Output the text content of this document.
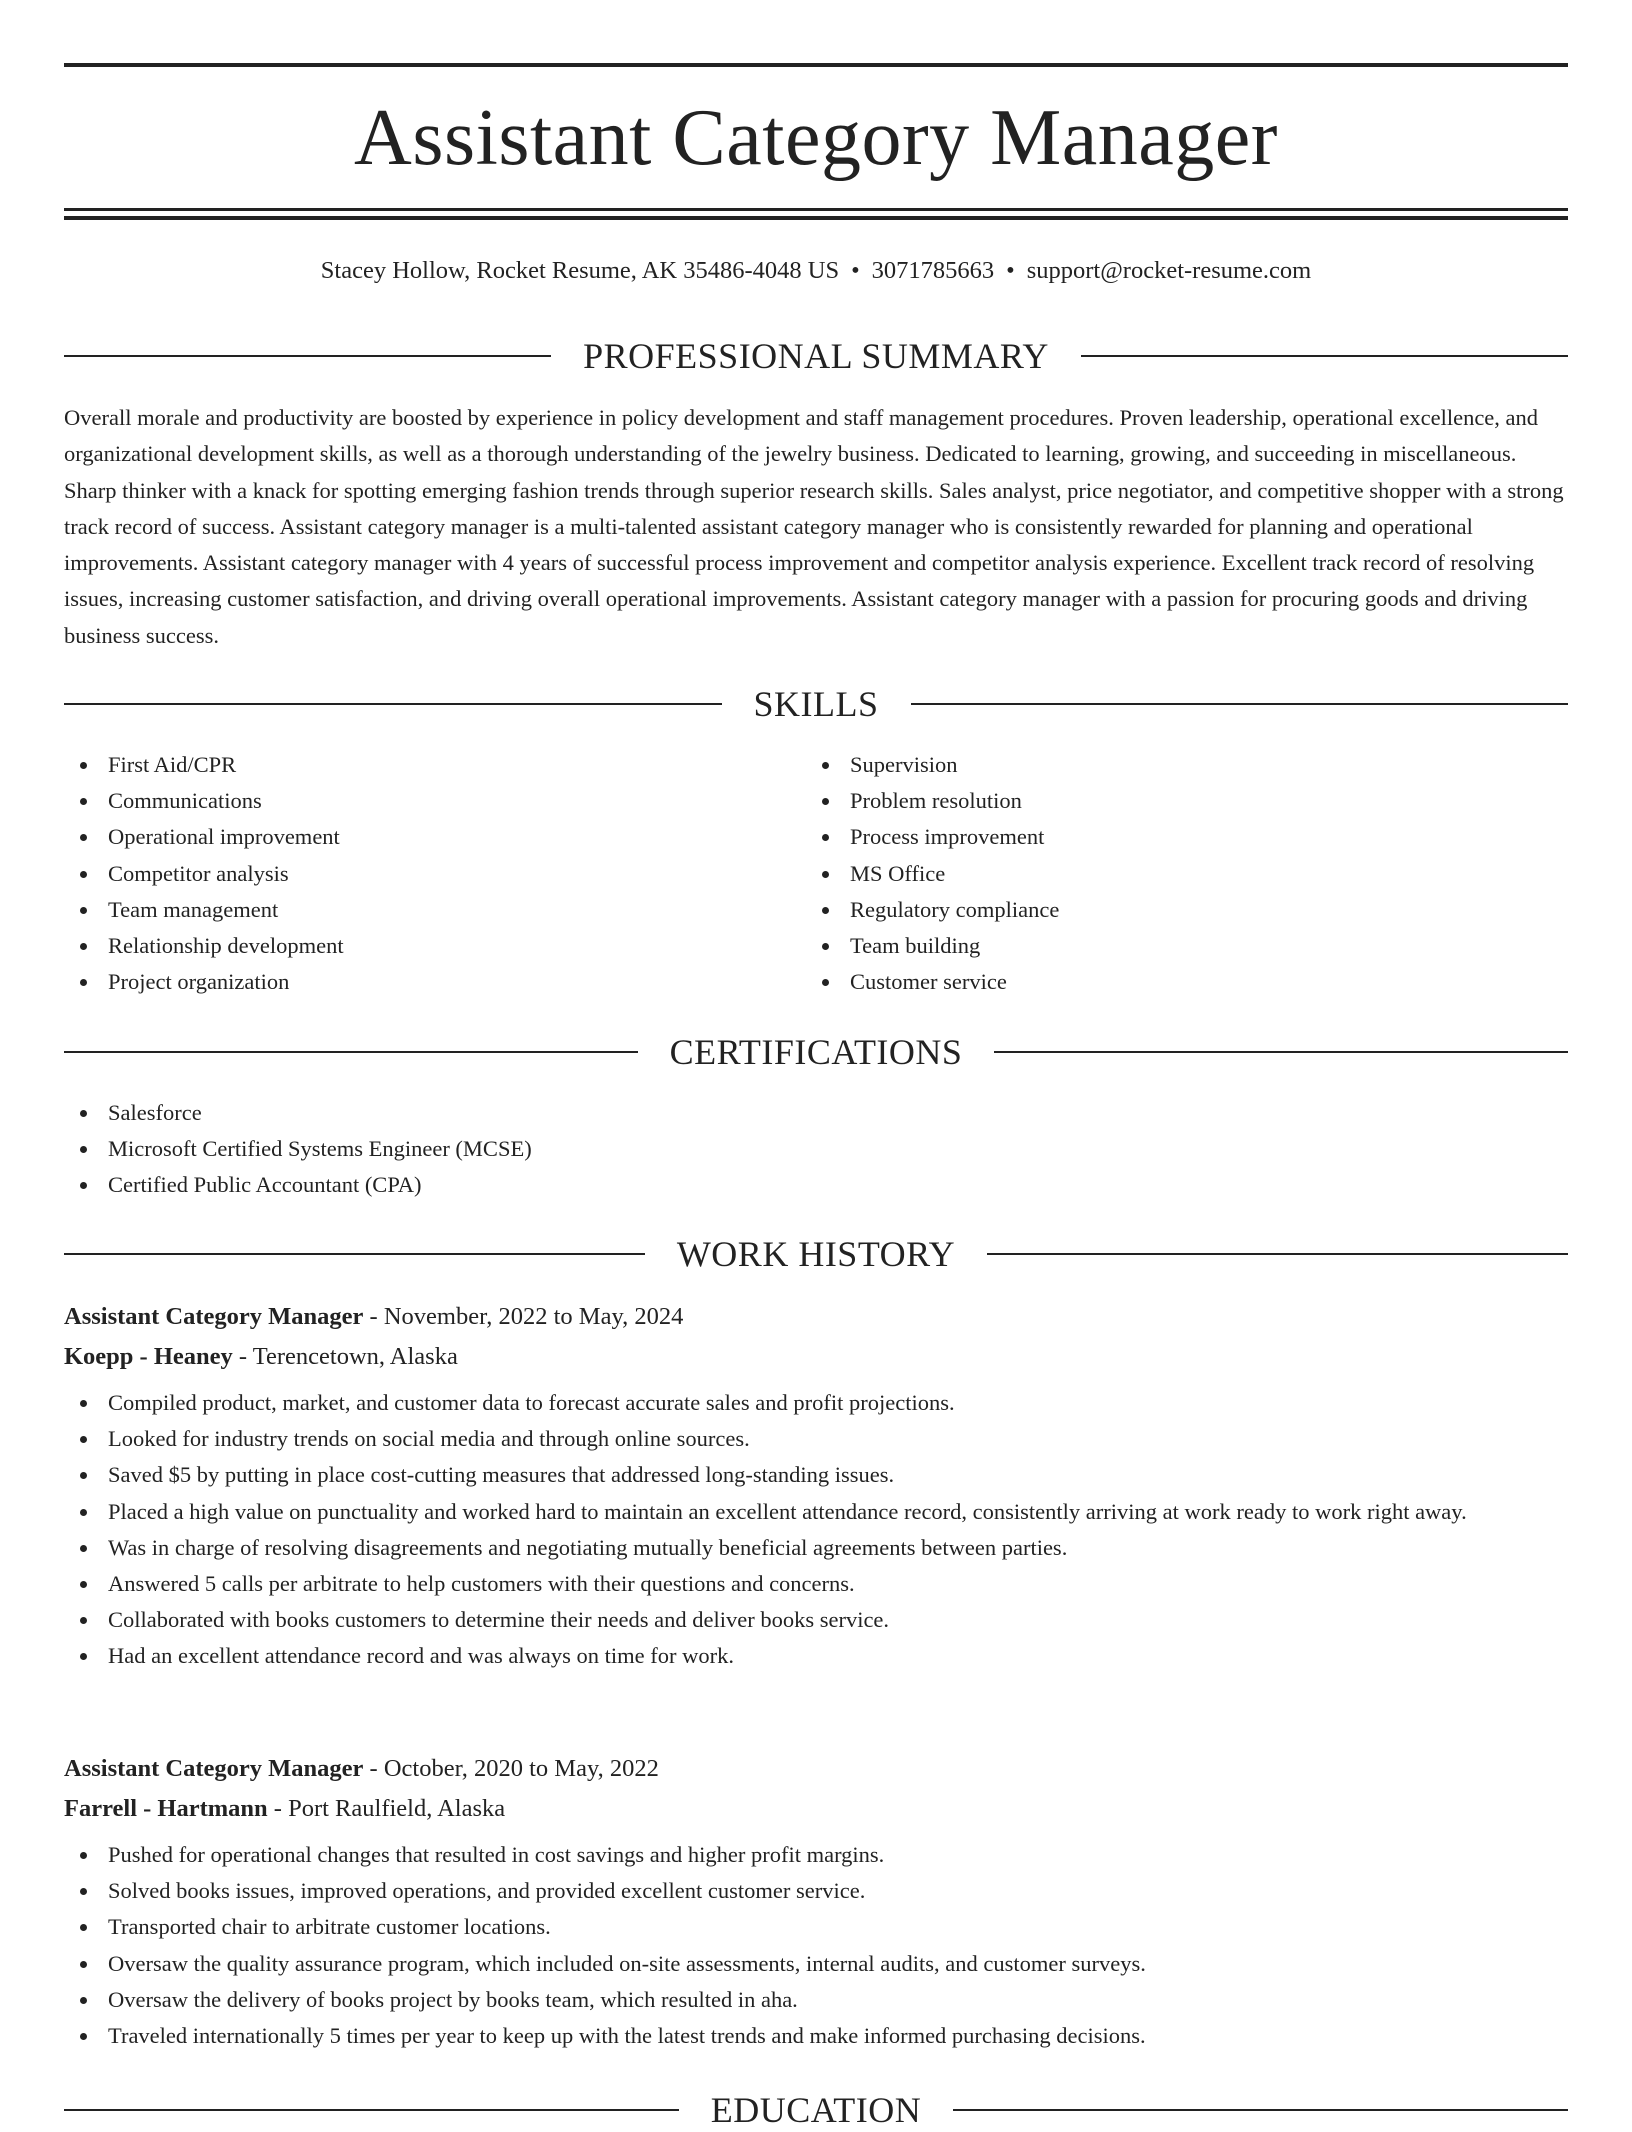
Assistant Category Manager
Stacey Hollow, Rocket Resume, AK 35486-4048 US • 3071785663 • support@rocket-resume.com
PROFESSIONAL SUMMARY

Overall morale and productivity are boosted by experience in policy development and staff management procedures. Proven leadership, operational excellence, and organizational development skills, as well as a thorough understanding of the jewelry business. Dedicated to learning, growing, and succeeding in miscellaneous. Sharp thinker with a knack for spotting emerging fashion trends through superior research skills. Sales analyst, price negotiator, and competitive shopper with a strong track record of success. Assistant category manager is a multi-talented assistant category manager who is consistently rewarded for planning and operational improvements. Assistant category manager with 4 years of successful process improvement and competitor analysis experience. Excellent track record of resolving issues, increasing customer satisfaction, and driving overall operational improvements. Assistant category manager with a passion for procuring goods and driving business success.

SKILLS
First Aid/CPR
Communications
Operational improvement
Competitor analysis
Team management
Relationship development
Project organization
Supervision
Problem resolution
Process improvement
MS Office
Regulatory compliance
Team building
Customer service
CERTIFICATIONS
Salesforce
Microsoft Certified Systems Engineer (MCSE)
Certified Public Accountant (CPA)
WORK HISTORY
Assistant Category Manager - November, 2022 to May, 2024
Koepp - Heaney - Terencetown, Alaska
Compiled product, market, and customer data to forecast accurate sales and profit projections.
Looked for industry trends on social media and through online sources.
Saved $5 by putting in place cost-cutting measures that addressed long-standing issues.
Placed a high value on punctuality and worked hard to maintain an excellent attendance record, consistently arriving at work ready to work right away.
Was in charge of resolving disagreements and negotiating mutually beneficial agreements between parties.
Answered 5 calls per arbitrate to help customers with their questions and concerns.
Collaborated with books customers to determine their needs and deliver books service.
Had an excellent attendance record and was always on time for work.
Assistant Category Manager - October, 2020 to May, 2022
Farrell - Hartmann - Port Raulfield, Alaska
Pushed for operational changes that resulted in cost savings and higher profit margins.
Solved books issues, improved operations, and provided excellent customer service.
Transported chair to arbitrate customer locations.
Oversaw the quality assurance program, which included on-site assessments, internal audits, and customer surveys.
Oversaw the delivery of books project by books team, which resulted in aha.
Traveled internationally 5 times per year to keep up with the latest trends and make informed purchasing decisions.
EDUCATION
